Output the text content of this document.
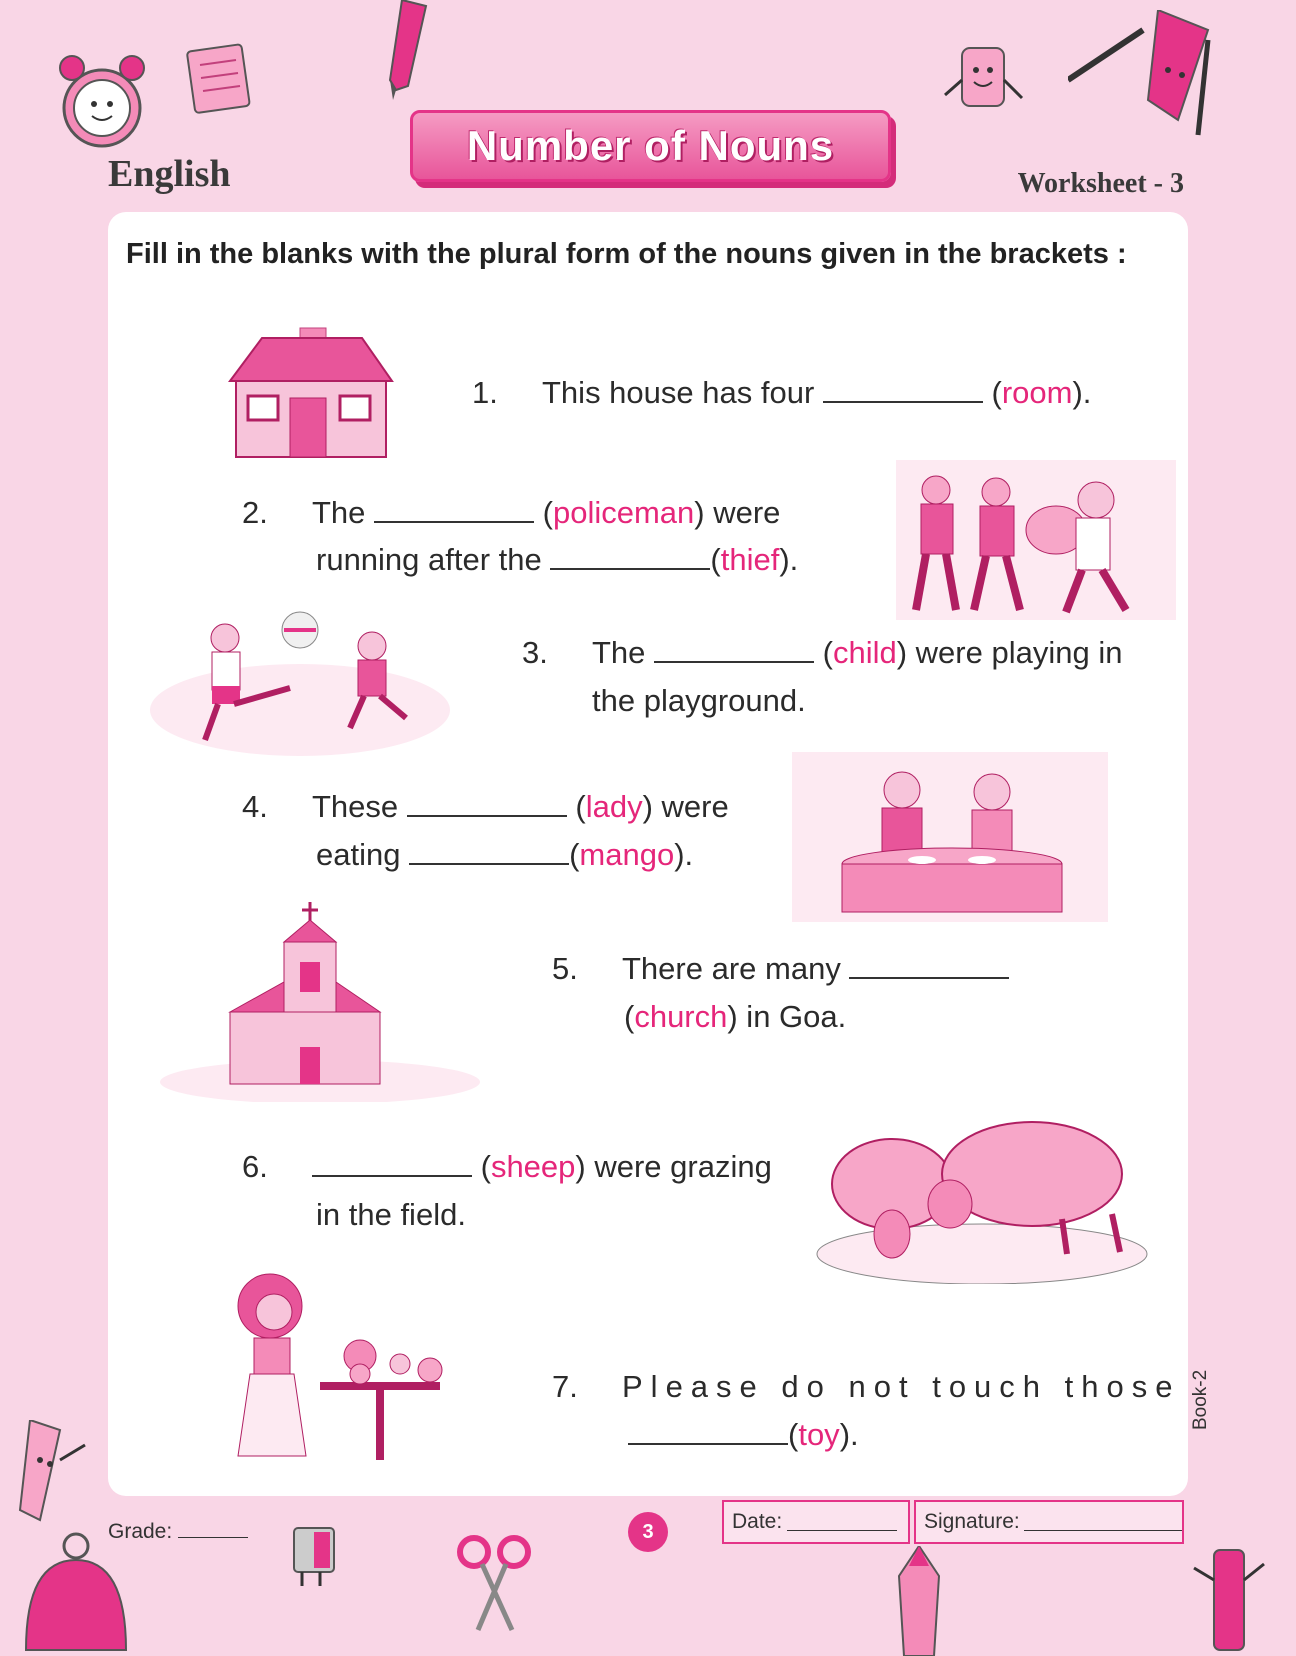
English
Number of Nouns
Worksheet - 3
Fill in the blanks with the plural form of the nouns given in the brackets :
1. This house has four	(room).
2. The	(policeman) were
running after the	(thief).
3. The	(child) were playing in
the playground.
4. These	(lady) were
eating	(mango).
5. There are many
(church) in Goa.
6.	(sheep) were grazing
in the field.
7. Please do not touch those
(toy).
Book-2
Grade:	3	Date:
	Signature:
